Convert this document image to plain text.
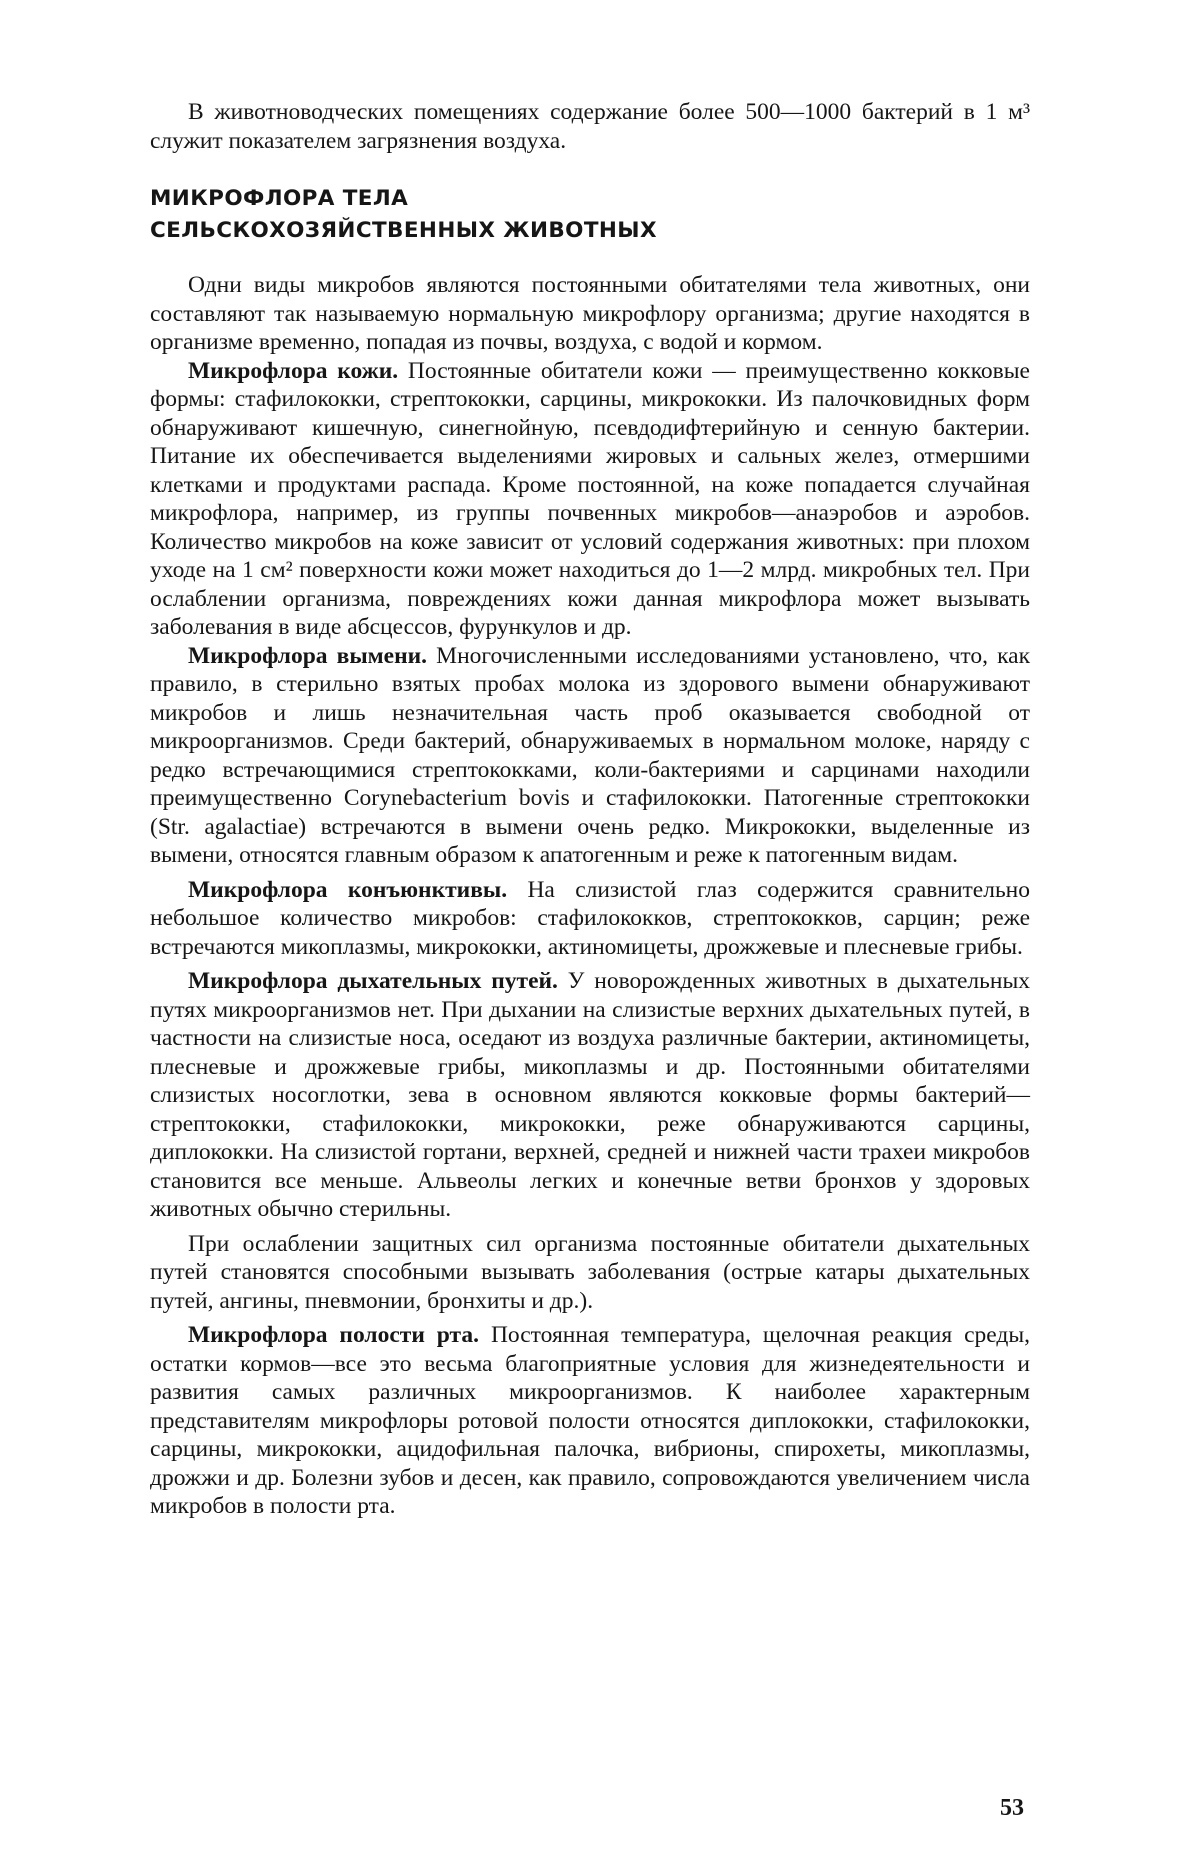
В животноводческих помещениях содержание более 500—1000 бактерий в 1 м³ служит показателем загрязнения воздуха.

МИКРОФЛОРА ТЕЛА
СЕЛЬСКОХОЗЯЙСТВЕННЫХ ЖИВОТНЫХ

Одни виды микробов являются постоянными обитателями тела животных, они составляют так называемую нормальную микрофлору организма; другие находятся в организме временно, попадая из почвы, воздуха, с водой и кормом.

Микрофлора кожи. Постоянные обитатели кожи — преимущественно кокковые формы: стафилококки, стрептококки, сарцины, микрококки. Из палочковидных форм обнаруживают кишечную, синегнойную, псевдодифтерийную и сенную бактерии. Питание их обеспечивается выделениями жировых и сальных желез, отмершими клетками и продуктами распада. Кроме постоянной, на коже попадается случайная микрофлора, например, из группы почвенных микробов—анаэробов и аэробов. Количество микробов на коже зависит от условий содержания животных: при плохом уходе на 1 см² поверхности кожи может находиться до 1—2 млрд. микробных тел. При ослаблении организма, повреждениях кожи данная микрофлора может вызывать заболевания в виде абсцессов, фурункулов и др.

Микрофлора вымени. Многочисленными исследованиями установлено, что, как правило, в стерильно взятых пробах молока из здорового вымени обнаруживают микробов и лишь незначительная часть проб оказывается свободной от микроорганизмов. Среди бактерий, обнаруживаемых в нормальном молоке, наряду с редко встречающимися стрептококками, коли-бактериями и сарцинами находили преимущественно Corynebacterium bovis и стафилококки. Патогенные стрептококки (Str. agalactiae) встречаются в вымени очень редко. Микрококки, выделенные из вымени, относятся главным образом к апатогенным и реже к патогенным видам.

Микрофлора конъюнктивы. На слизистой глаз содержится сравнительно небольшое количество микробов: стафилококков, стрептококков, сарцин; реже встречаются микоплазмы, микрококки, актиномицеты, дрожжевые и плесневые грибы.

Микрофлора дыхательных путей. У новорожденных животных в дыхательных путях микроорганизмов нет. При дыхании на слизистые верхних дыхательных путей, в частности на слизистые носа, оседают из воздуха различные бактерии, актиномицеты, плесневые и дрожжевые грибы, микоплазмы и др. Постоянными обитателями слизистых носоглотки, зева в основном являются кокковые формы бактерий—стрептококки, стафилококки, микрококки, реже обнаруживаются сарцины, диплококки. На слизистой гортани, верхней, средней и нижней части трахеи микробов становится все меньше. Альвеолы легких и конечные ветви бронхов у здоровых животных обычно стерильны.

При ослаблении защитных сил организма постоянные обитатели дыхательных путей становятся способными вызывать заболевания (острые катары дыхательных путей, ангины, пневмонии, бронхиты и др.).

Микрофлора полости рта. Постоянная температура, щелочная реакция среды, остатки кормов—все это весьма благоприятные условия для жизнедеятельности и развития самых различных микроорганизмов. К наиболее характерным представителям микрофлоры ротовой полости относятся диплококки, стафилококки, сарцины, микрококки, ацидофильная палочка, вибрионы, спирохеты, микоплазмы, дрожжи и др. Болезни зубов и десен, как правило, сопровождаются увеличением числа микробов в полости рта.

53
